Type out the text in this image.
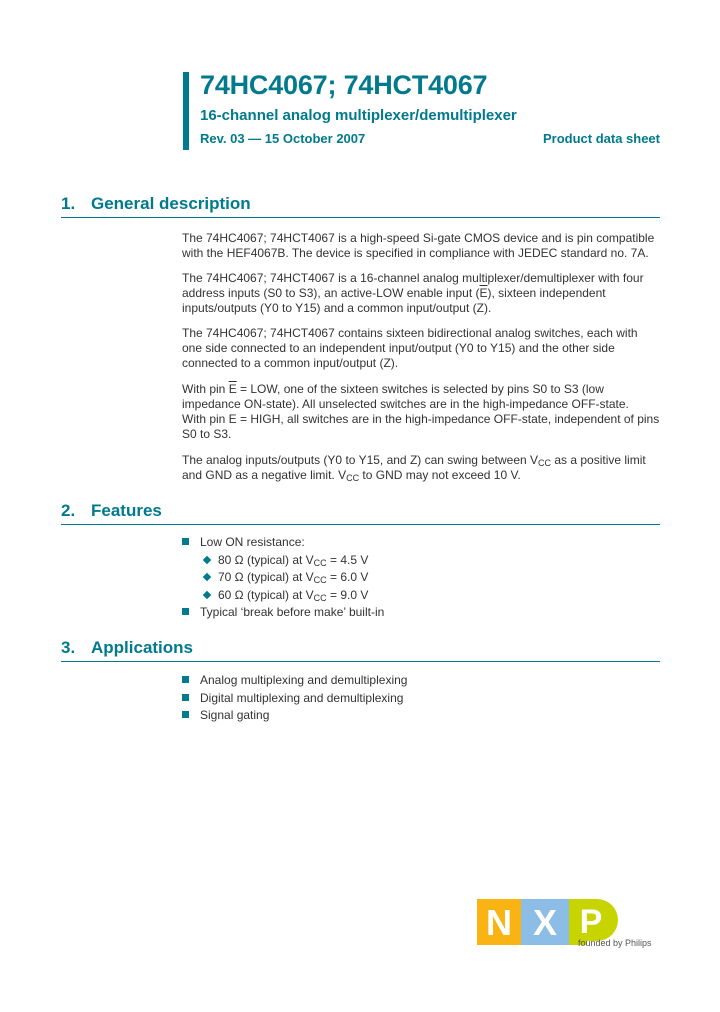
74HC4067; 74HCT4067
16-channel analog multiplexer/demultiplexer
Rev. 03 — 15 October 2007	Product data sheet
1. General description

The 74HC4067; 74HCT4067 is a high-speed Si-gate CMOS device and is pin compatible
with the HEF4067B. The device is specified in compliance with JEDEC standard no. 7A.

The 74HC4067; 74HCT4067 is a 16-channel analog multiplexer/demultiplexer with four
address inputs (S0 to S3), an active-LOW enable input $(\overline{E})$, sixteen independent
inputs/outputs (Y0 to Y15) and a common input/output (Z).

The 74HC4067; 74HCT4067 contains sixteen bidirectional analog switches, each with
one side connected to an independent input/output (Y0 to Y15) and the other side
connected to a common input/output (Z).

With pin $\overline{E}$ = LOW, one of the sixteen switches is selected by pins S0 to S3 (low
impedance ON-state). All unselected switches are in the high-impedance OFF-state.
With pin E = HIGH, all switches are in the high-impedance OFF-state, independent of pins
S0 to S3.

The analog inputs/outputs (Y0 to Y15, and Z) can swing between $V_{CC}$ as a positive limit
and GND as a negative limit. $V_{CC}$ to GND may not exceed 10 V.

2. Features
Low ON resistance:
80 Ω (typical) at $V_{CC} = 4.5$ V
70 Ω (typical) at $V_{CC} = 6.0$ V
60 Ω (typical) at $V_{CC} = 9.0$ V
Typical ‘break before make’ built-in
3. Applications
Analog multiplexing and demultiplexing
Digital multiplexing and demultiplexing
Signal gating
N X P
founded by Philips
